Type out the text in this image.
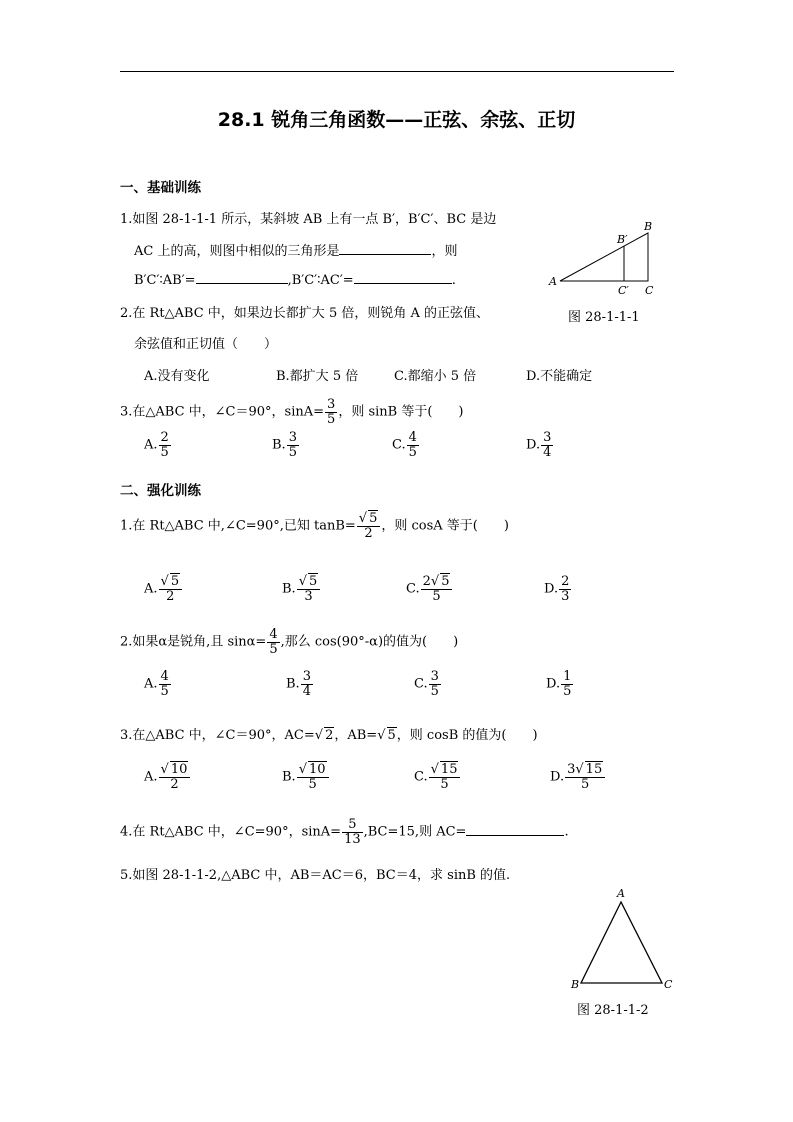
28.1 锐角三角函数——正弦、余弦、正切
一、基础训练
1.如图 28-1-1-1 所示，某斜坡 AB 上有一点 B′，B′C′、BC 是边
AC 上的高，则图中相似的三角形是	，则
B′C′∶AB′=	,B′C′∶AC′=	.	A
B
B′
C
C′
图 28-1-1-1
2.在 Rt△ABC 中，如果边长都扩大 5 倍，则锐角 A 的正弦值、
余弦值和正切值（　　）
A.没有变化	B.都扩大 5 倍	C.都缩小 5 倍	D.不能确定
3.在△ABC 中，∠C＝90°，$\sin A= \frac{3}{5}$ ，则 sinB 等于(　　)
A. $\frac{2}{5}$	B. $\frac{3}{5}$	C. $\frac{4}{5}$	D. $\frac{3}{4}$
二、强化训练
1.在 Rt△ABC 中,∠C=90°,已知 $\tan B= \frac{√ 5}{2}$ ，则 cosA 等于(　　)
A. $\frac{√ 5}{2}$	B. $\frac{√ 5}{3}$	C. $\frac{2√ 5}{5}$	D. $\frac{2}{3}$
2.如果α是锐角,且 $\sin\alpha= \frac{4}{5}$ ,那么 cos(90°-α)的值为(　　)
A. $\frac{4}{5}$	B. $\frac{3}{4}$	C. $\frac{3}{5}$	D. $\frac{1}{5}$
3.在△ABC 中，∠C＝90°，AC=√ 2，AB=√ 5，则 cosB 的值为(　　)
A. $\frac{√ 10}{2}$	B. $\frac{√ 10}{5}$	C. $\frac{√ 15}{5}$	D. $\frac{3√ 15}{5}$
4.在 Rt△ABC 中，∠C=90°，$\sin A= \frac{5}{13} ,BC=15$,则 AC=	.
5.如图 28-1-1-2,△ABC 中，AB＝AC＝6，BC＝4，求 sinB 的值.
A
B	C
图 28-1-1-2
